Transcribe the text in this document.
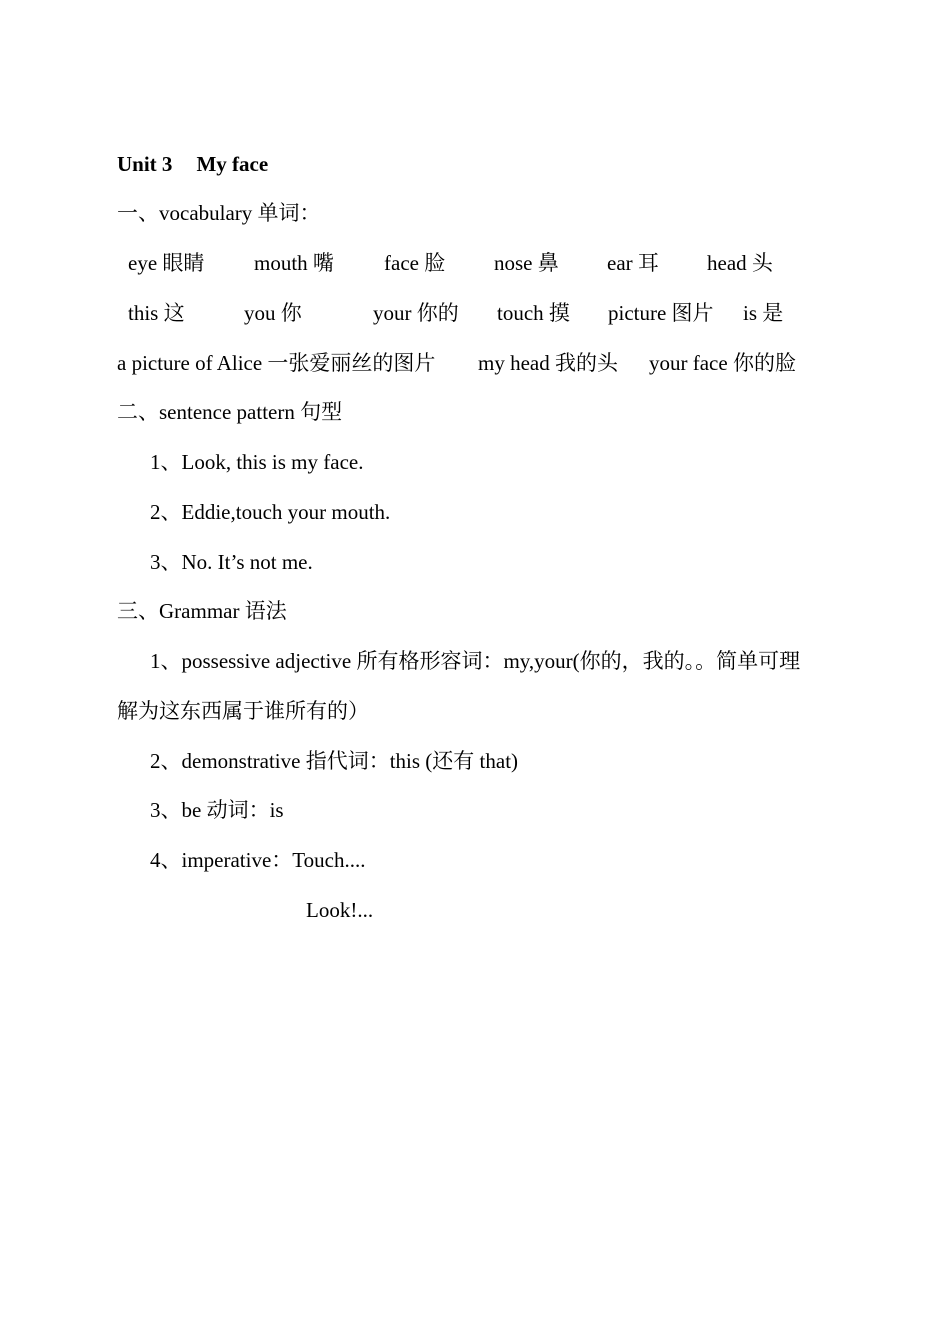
Unit 3 My face
一、vocabulary 单词：
eye 眼睛 mouth 嘴 face 脸 nose 鼻 ear 耳 head 头
this 这	you 你	your 你的 touch 摸 picture 图片 is 是
a picture of Alice 一张爱丽丝的图片 my head 我的头 your face 你的脸
二、sentence pattern 句型
1、Look, this is my face.
2、Eddie,touch your mouth.
3、No. It’s not me.
三、Grammar 语法
1、possessive adjective 所有格形容词：my,your(你的，我的。。简单可理
解为这东西属于谁所有的）
2、demonstrative 指代词：this (还有 that)
3、be 动词：is
4、imperative：Touch....
Look!...
